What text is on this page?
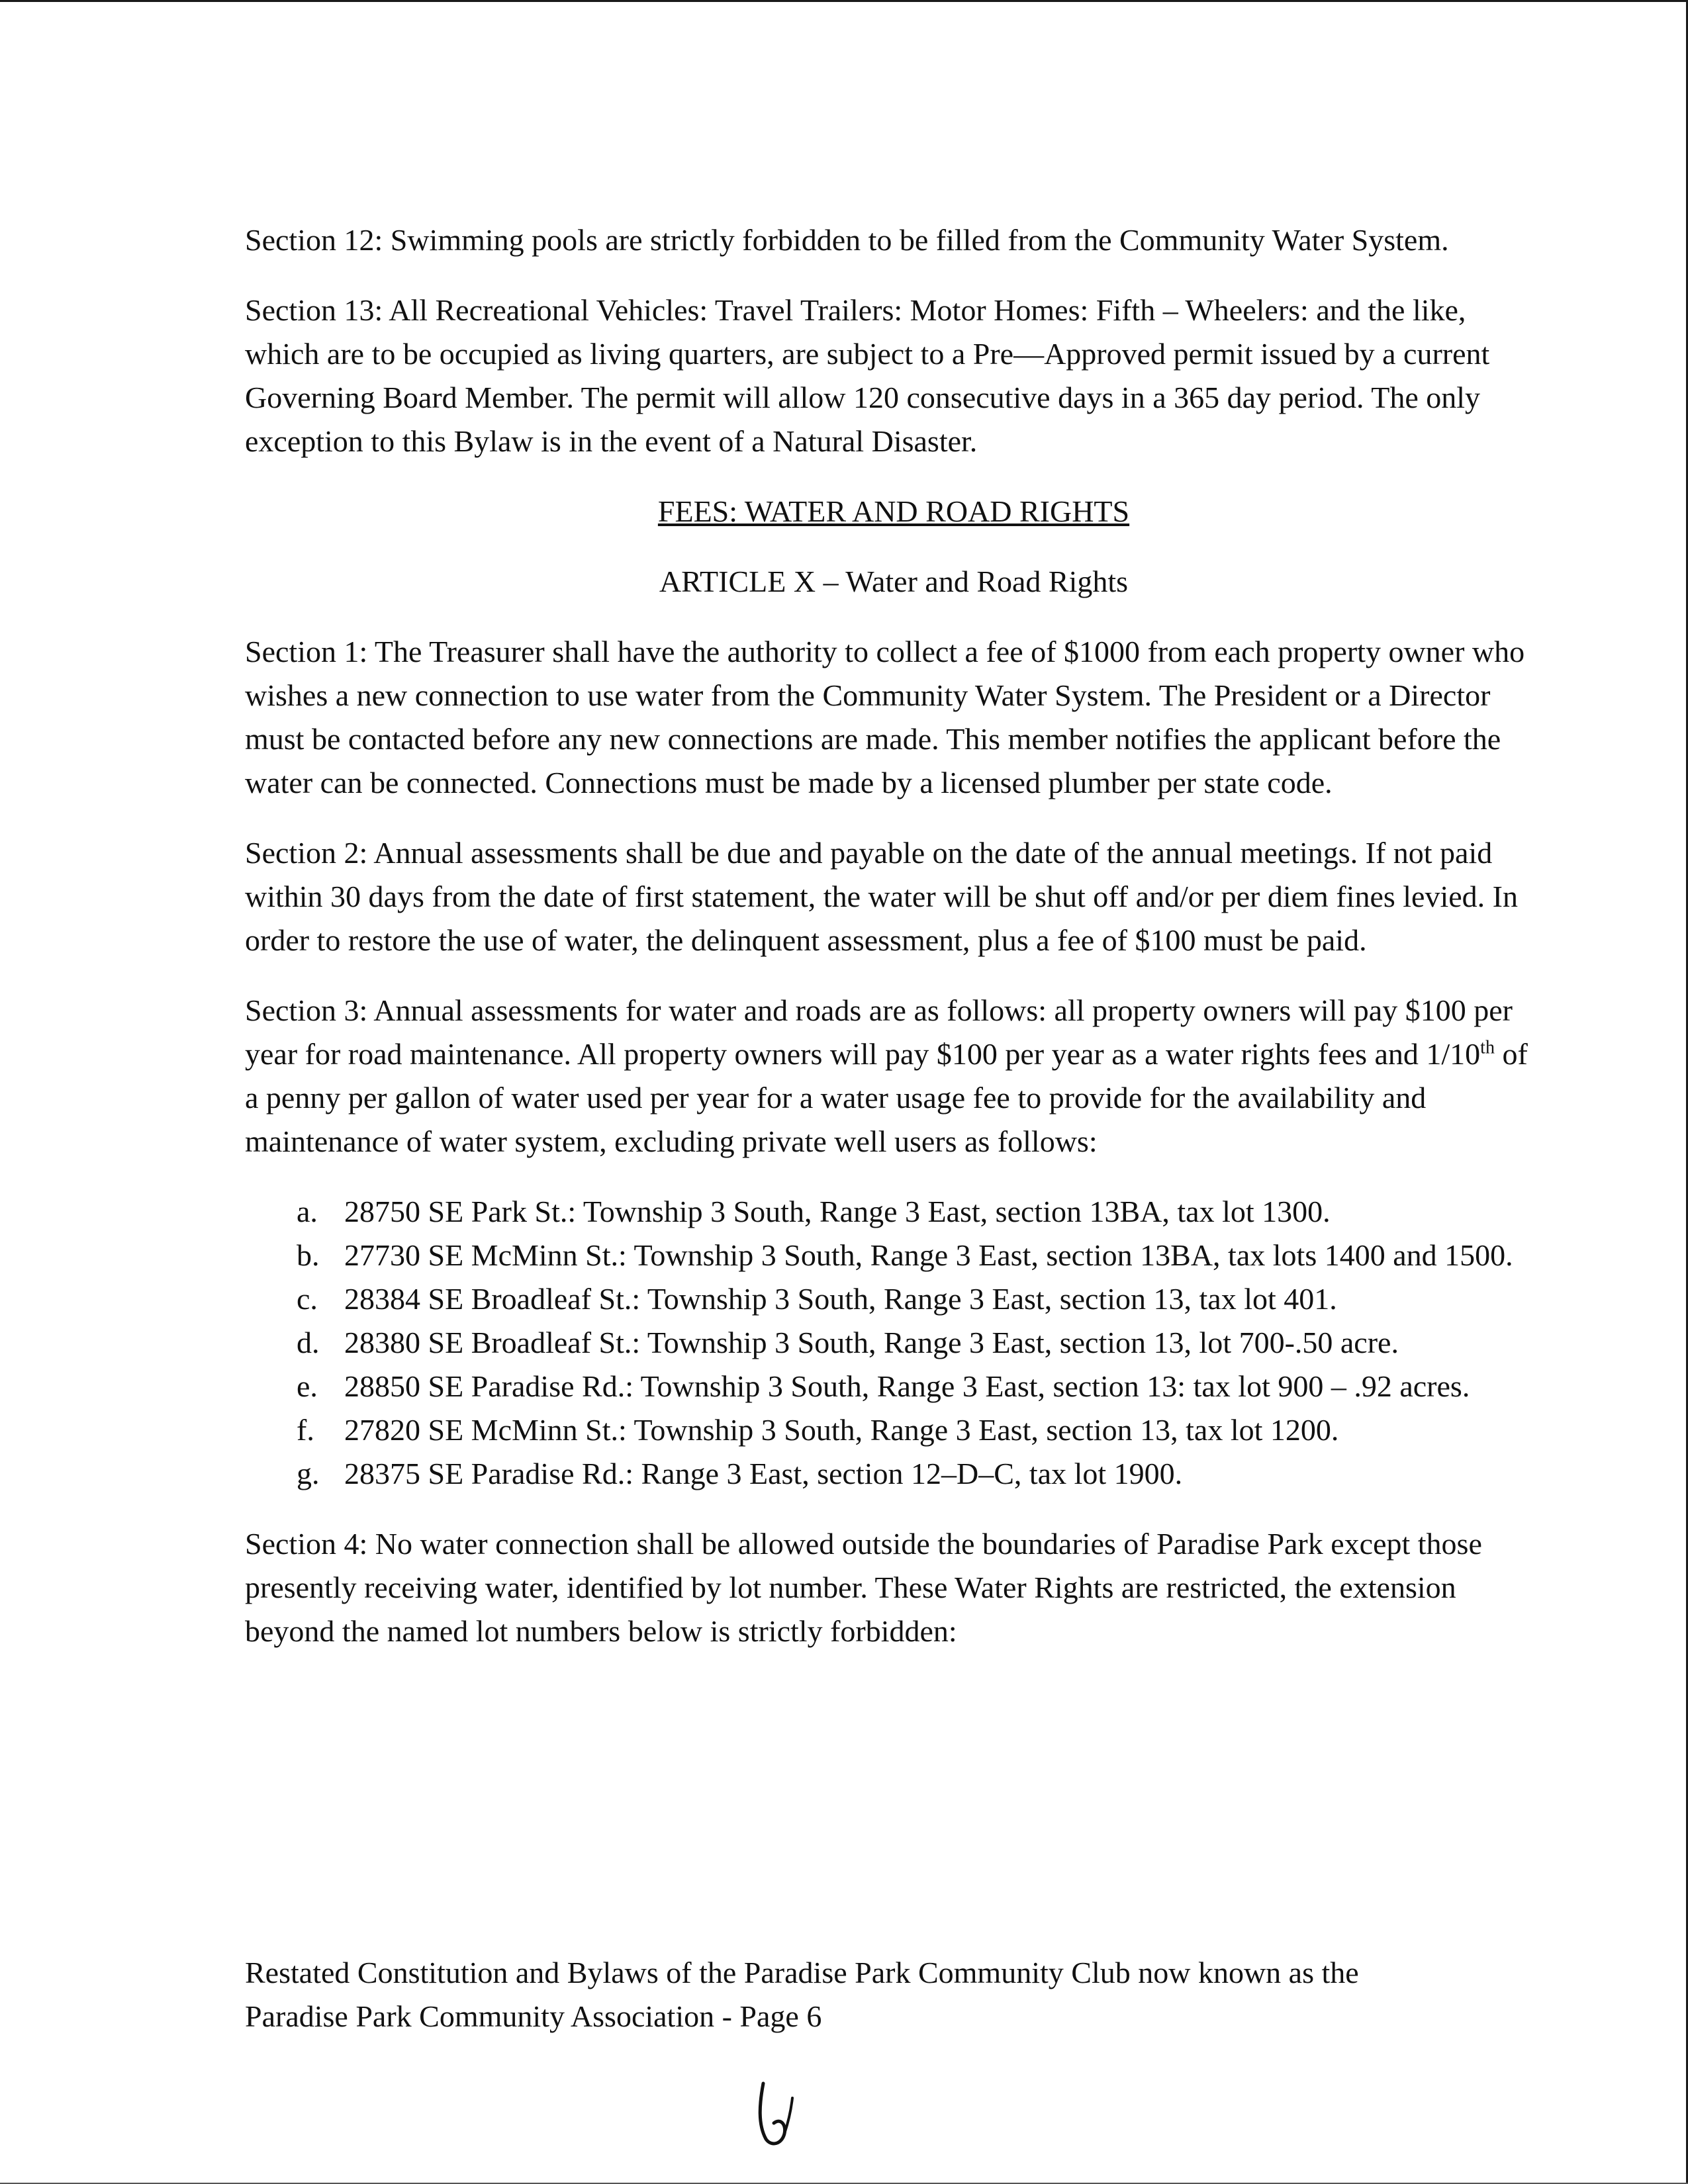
Section 12: Swimming pools are strictly forbidden to be filled from the Community Water System.

Section 13: All Recreational Vehicles: Travel Trailers: Motor Homes: Fifth – Wheelers: and the like, which are to be occupied as living quarters, are subject to a Pre—Approved permit issued by a current Governing Board Member. The permit will allow 120 consecutive days in a 365 day period. The only exception to this Bylaw is in the event of a Natural Disaster.

FEES: WATER AND ROAD RIGHTS

ARTICLE X – Water and Road Rights

Section 1: The Treasurer shall have the authority to collect a fee of $1000 from each property owner who wishes a new connection to use water from the Community Water System. The President or a Director must be contacted before any new connections are made. This member notifies the applicant before the water can be connected. Connections must be made by a licensed plumber per state code.

Section 2: Annual assessments shall be due and payable on the date of the annual meetings. If not paid within 30 days from the date of first statement, the water will be shut off and/or per diem fines levied. In order to restore the use of water, the delinquent assessment, plus a fee of $100 must be paid.

Section 3: Annual assessments for water and roads are as follows: all property owners will pay $100 per year for road maintenance. All property owners will pay $100 per year as a water rights fees and 1/10th of a penny per gallon of water used per year for a water usage fee to provide for the availability and maintenance of water system, excluding private well users as follows:

a. 28750 SE Park St.: Township 3 South, Range 3 East, section 13BA, tax lot 1300.
b. 27730 SE McMinn St.: Township 3 South, Range 3 East, section 13BA, tax lots 1400 and 1500.
c. 28384 SE Broadleaf St.: Township 3 South, Range 3 East, section 13, tax lot 401.
d. 28380 SE Broadleaf St.: Township 3 South, Range 3 East, section 13, lot 700-.50 acre.
e. 28850 SE Paradise Rd.: Township 3 South, Range 3 East, section 13: tax lot 900 – .92 acres.
f. 27820 SE McMinn St.: Township 3 South, Range 3 East, section 13, tax lot 1200.
g. 28375 SE Paradise Rd.: Range 3 East, section 12–D–C, tax lot 1900.

Section 4: No water connection shall be allowed outside the boundaries of Paradise Park except those presently receiving water, identified by lot number. These Water Rights are restricted, the extension beyond the named lot numbers below is strictly forbidden:

Restated Constitution and Bylaws of the Paradise Park Community Club now known as the
Paradise Park Community Association - Page 6
